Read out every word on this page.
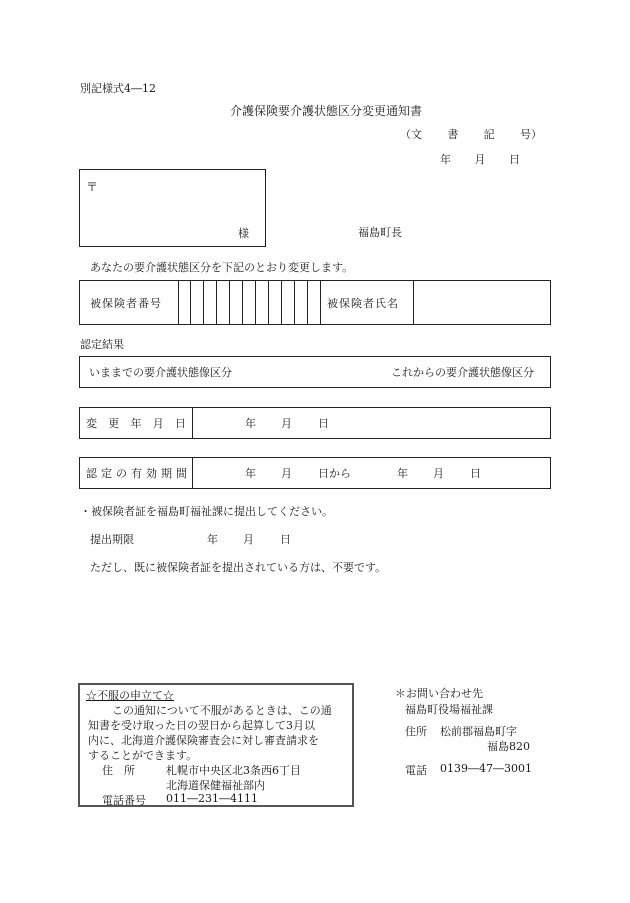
別記様式4―12
介護保険要介護状態区分変更通知書
（文 書 記 号）
年 月 日
〒
様	福島町長
あなたの要介護状態区分を下記のとおり変更します。
被保険者番号	被保険者氏名
認定結果
いままでの要介護状態像区分	これからの要介護状態像区分
変 更 年 月 日	年 月 日
認定の有効期間	年 月 日から	年 月 日
・被保険者証を福島町福祉課に提出してください。
提出期限	年 月 日
ただし、既に被保険者証を提出されている方は、不要です。
☆不服の申立て☆
この通知について不服があるときは、この通
知書を受け取った日の翌日から起算して3月以
内に、北海道介護保険審査会に対し審査請求を
することができます。
住　所	札幌市中央区北3条西6丁目
北海道保健福祉部内
電話番号 011―231―4111
＊お問い合わせ先
福島町役場福祉課
住所 松前郡福島町字
福島820
電話 0139―47―3001
